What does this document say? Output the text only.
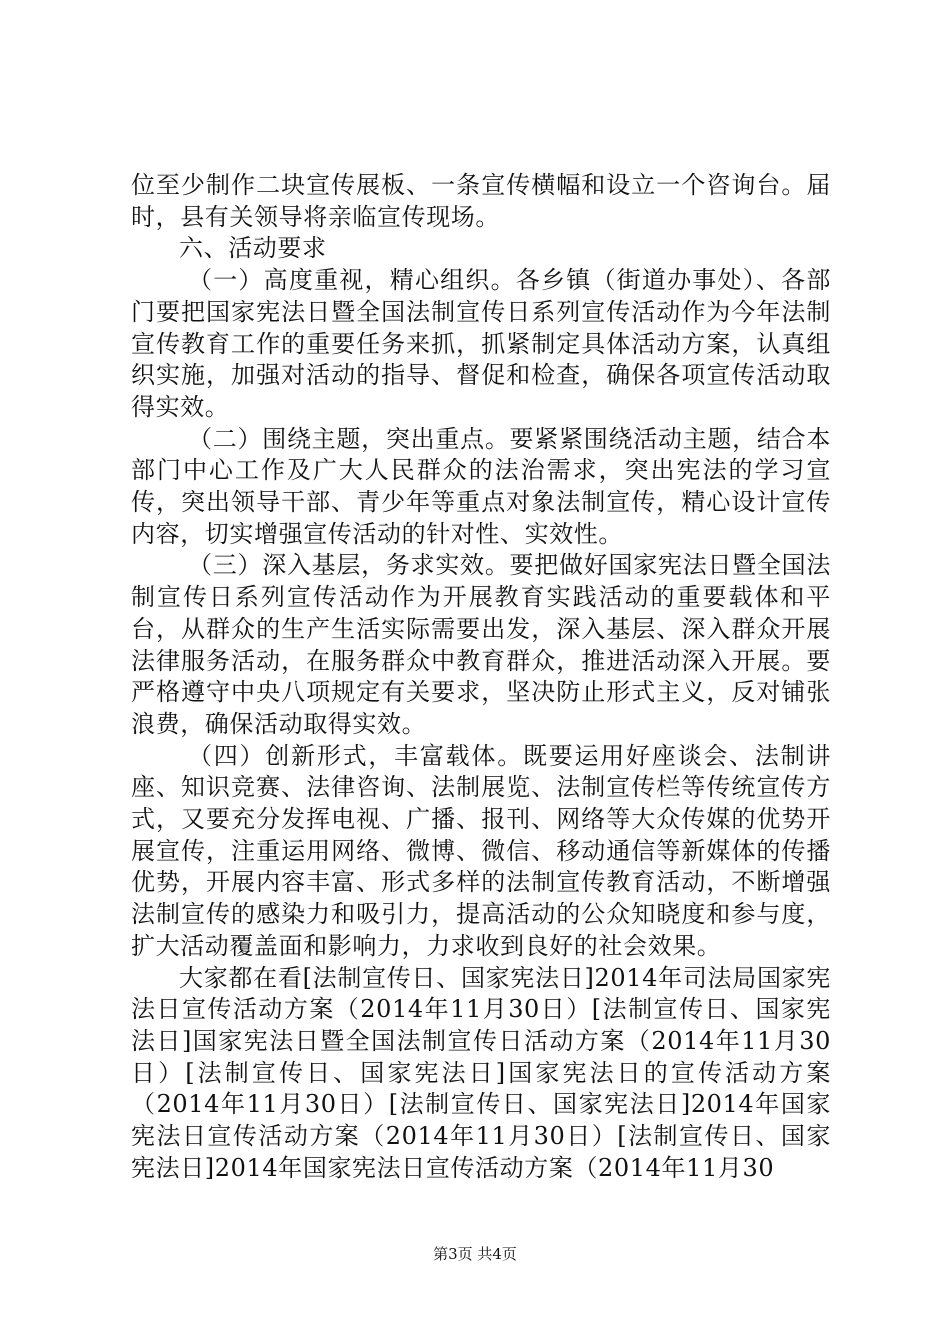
位至少制作二块宣传展板、一条宣传横幅和设立一个咨询台。届时，县有关领导将亲临宣传现场。

六、活动要求

（一）高度重视，精心组织。各乡镇（街道办事处）、各部门要把国家宪法日暨全国法制宣传日系列宣传活动作为今年法制宣传教育工作的重要任务来抓，抓紧制定具体活动方案，认真组织实施，加强对活动的指导、督促和检查，确保各项宣传活动取得实效。

（二）围绕主题，突出重点。要紧紧围绕活动主题，结合本部门中心工作及广大人民群众的法治需求，突出宪法的学习宣传，突出领导干部、青少年等重点对象法制宣传，精心设计宣传内容，切实增强宣传活动的针对性、实效性。

（三）深入基层，务求实效。要把做好国家宪法日暨全国法制宣传日系列宣传活动作为开展教育实践活动的重要载体和平台，从群众的生产生活实际需要出发，深入基层、深入群众开展法律服务活动，在服务群众中教育群众，推进活动深入开展。要严格遵守中央八项规定有关要求，坚决防止形式主义，反对铺张浪费，确保活动取得实效。

（四）创新形式，丰富载体。既要运用好座谈会、法制讲座、知识竞赛、法律咨询、法制展览、法制宣传栏等传统宣传方式，又要充分发挥电视、广播、报刊、网络等大众传媒的优势开展宣传，注重运用网络、微博、微信、移动通信等新媒体的传播优势，开展内容丰富、形式多样的法制宣传教育活动，不断增强法制宣传的感染力和吸引力，提高活动的公众知晓度和参与度，扩大活动覆盖面和影响力，力求收到良好的社会效果。

大家都在看[法制宣传日、国家宪法日]2014年司法局国家宪法日宣传活动方案（2014年11月30日）[法制宣传日、国家宪法日]国家宪法日暨全国法制宣传日活动方案（2014年11月30日）[法制宣传日、国家宪法日]国家宪法日的宣传活动方案（2014年11月30日）[法制宣传日、国家宪法日]2014年国家宪法日宣传活动方案（2014年11月30日）[法制宣传日、国家宪法日]2014年国家宪法日宣传活动方案（2014年11月30

第3页 共4页
